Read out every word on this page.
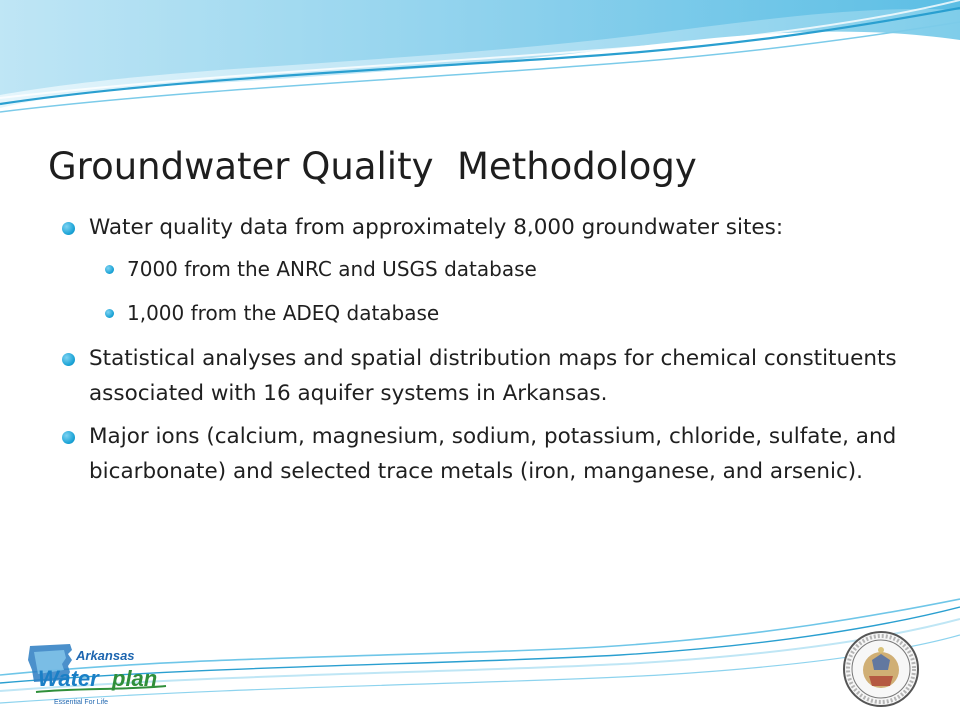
Groundwater Quality  Methodology
Water quality data from approximately 8,000 groundwater sites:
7000 from the ANRC and USGS database
1,000 from the ADEQ database
Statistical analyses and spatial distribution maps for chemical constituents associated with 16 aquifer systems in Arkansas.
Major ions (calcium, magnesium, sodium, potassium, chloride, sulfate, and bicarbonate) and selected trace metals (iron, manganese, and arsenic).
Arkansas
Water plan
Essential For Life
